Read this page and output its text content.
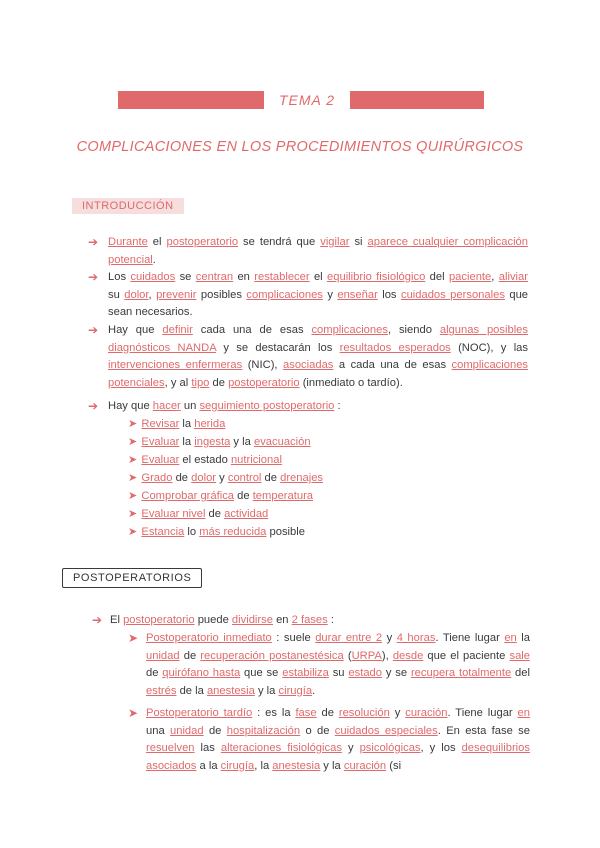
TEMA 2
COMPLICACIONES EN LOS PROCEDIMIENTOS QUIRÚRGICOS
INTRODUCCIÓN
➔ Durante el postoperatorio se tendrá que vigilar si aparece cualquier complicación potencial.
➔ Los cuidados se centran en restablecer el equilibrio fisiológico del paciente, aliviar su dolor, prevenir posibles complicaciones y enseñar los cuidados personales que sean necesarios.
➔ Hay que definir cada una de esas complicaciones, siendo algunas posibles diagnósticos NANDA y se destacarán los resultados esperados (NOC), y las intervenciones enfermeras (NIC), asociadas a cada una de esas complicaciones potenciales, y al tipo de postoperatorio (inmediato o tardío).
➔ Hay que hacer un seguimiento postoperatorio :
➤ Revisar la herida
➤ Evaluar la ingesta y la evacuación
➤ Evaluar el estado nutricional
➤ Grado de dolor y control de drenajes
➤ Comprobar gráfica de temperatura
➤ Evaluar nivel de actividad
➤ Estancia lo más reducida posible
POSTOPERATORIOS
➔ El postoperatorio puede dividirse en 2 fases :
➤ Postoperatorio inmediato : suele durar entre 2 y 4 horas. Tiene lugar en la unidad de recuperación postanestésica (URPA), desde que el paciente sale de quirófano hasta que se estabiliza su estado y se recupera totalmente del estrés de la anestesia y la cirugía.
➤ Postoperatorio tardío : es la fase de resolución y curación. Tiene lugar en una unidad de hospitalización o de cuidados especiales. En esta fase se resuelven las alteraciones fisiológicas y psicológicas, y los desequilibrios asociados a la cirugía, la anestesia y la curación (si
